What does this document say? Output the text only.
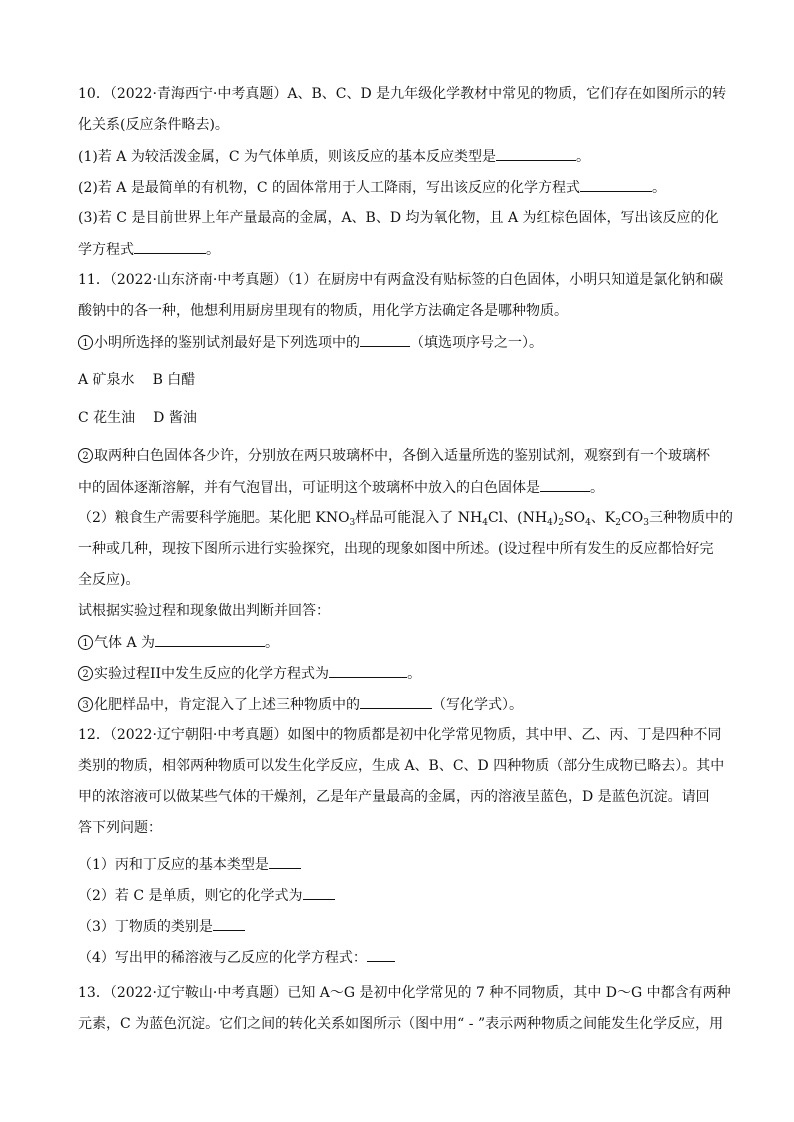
10．（2022·青海西宁·中考真题）A、B、C、D 是九年级化学教材中常见的物质，它们存在如图所示的转
化关系(反应条件略去)。
(1)若 A 为较活泼金属，C 为气体单质，则该反应的基本反应类型是	。
(2)若 A 是最简单的有机物，C 的固体常用于人工降雨，写出该反应的化学方程式	。
(3)若 C 是目前世界上年产量最高的金属，A、B、D 均为氧化物，且 A 为红棕色固体，写出该反应的化
学方程式	。
11．（2022·山东济南·中考真题）（1）在厨房中有两盒没有贴标签的白色固体，小明只知道是氯化钠和碳
酸钠中的各一种，他想利用厨房里现有的物质，用化学方法确定各是哪种物质。
1 小明所选择的鉴别试剂最好是下列选项中的	（填选项序号之一）。
A 矿泉水 B 白醋
C 花生油 D 酱油
2 取两种白色固体各少许，分别放在两只玻璃杯中，各倒入适量所选的鉴别试剂，观察到有一个玻璃杯
中的固体逐渐溶解，并有气泡冒出，可证明这个玻璃杯中放入的白色固体是	。
（2）粮食生产需要科学施肥。某化肥 $KNO_3$样品可能混入了 $NH_4Cl$、$(NH_4)_2SO_4$、$K_2CO_3$三种物质中的
一种或几种，现按下图所示进行实验探究，出现的现象如图中所述。(设过程中所有发生的反应都恰好完
全反应)。
试根据实验过程和现象做出判断并回答：
1 气体 A 为	。
2 实验过程II中发生反应的化学方程式为	。
3 化肥样品中，肯定混入了上述三种物质中的	（写化学式）。
12．（2022·辽宁朝阳·中考真题）如图中的物质都是初中化学常见物质，其中甲、乙、丙、丁是四种不同
类别的物质，相邻两种物质可以发生化学反应，生成 A、B、C、D 四种物质（部分生成物已略去）。其中
甲的浓溶液可以做某些气体的干燥剂，乙是年产量最高的金属，丙的溶液呈蓝色，D 是蓝色沉淀。请回
答下列问题：
（1）丙和丁反应的基本类型是
（2）若 C 是单质，则它的化学式为
（3）丁物质的类别是
（4）写出甲的稀溶液与乙反应的化学方程式：
13．（2022·辽宁鞍山·中考真题）已知 A～G 是初中化学常见的 7 种不同物质，其中 D～G 中都含有两种
元素，C 为蓝色沉淀。它们之间的转化关系如图所示（图中用“ - ”表示两种物质之间能发生化学反应，用
